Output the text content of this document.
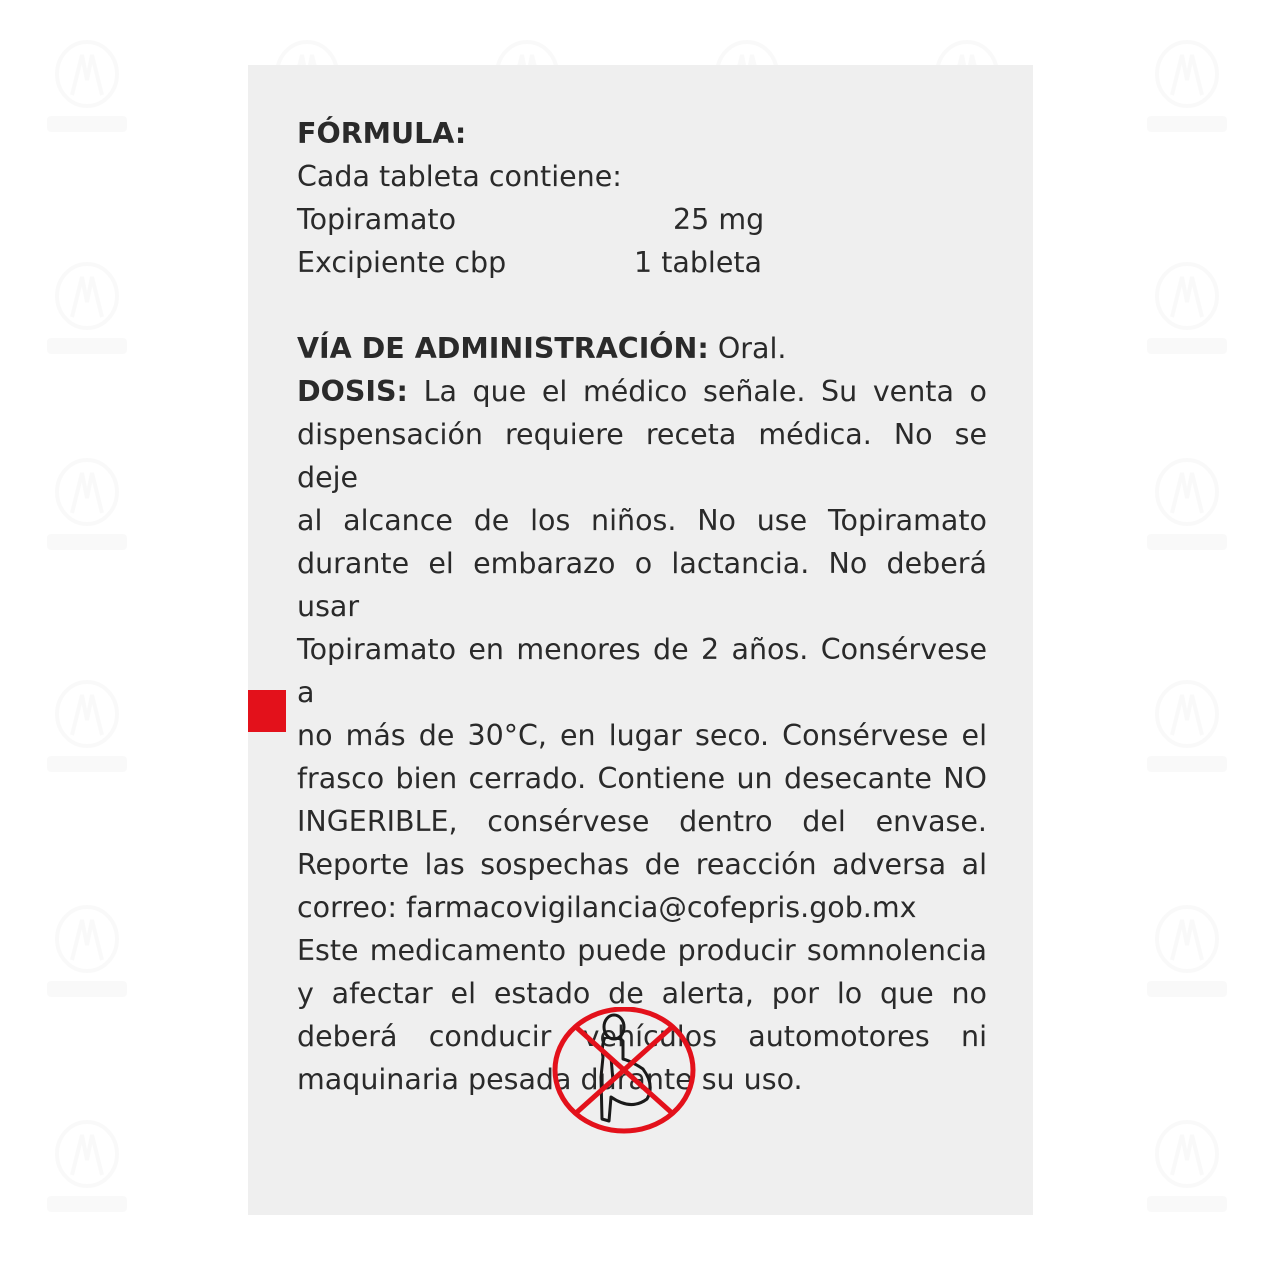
FÓRMULA:
Cada tableta contiene:
Topiramato	25 mg
Excipiente cbp	1 tableta
VÍA DE ADMINISTRACIÓN: Oral.
DOSIS: La que el médico señale. Su venta o
dispensación requiere receta médica. No se deje
al alcance de los niños. No use Topiramato
durante el embarazo o lactancia. No deberá usar
Topiramato en menores de 2 años. Consérvese a
no más de 30°C, en lugar seco. Consérvese el
frasco bien cerrado. Contiene un desecante NO
INGERIBLE, consérvese dentro del envase.
Reporte las sospechas de reacción adversa al
correo: farmacovigilancia@cofepris.gob.mx
Este medicamento puede producir somnolencia
y afectar el estado de alerta, por lo que no
deberá conducir vehículos automotores ni
maquinaria pesada durante su uso.
